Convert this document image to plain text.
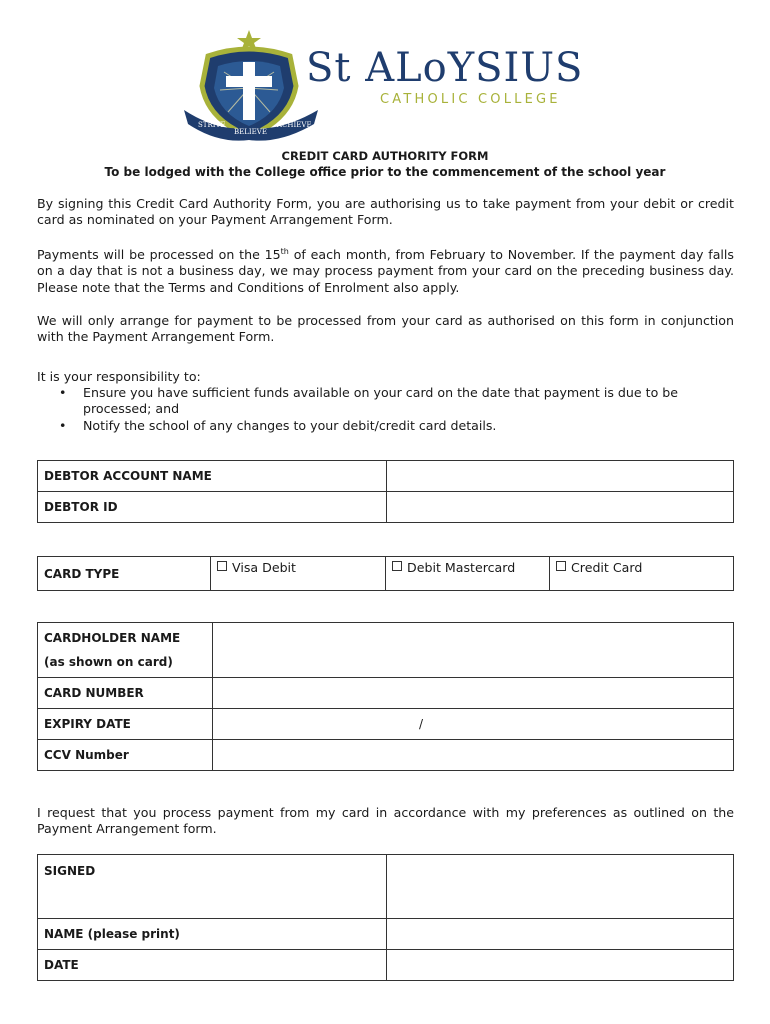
STRIVE
BELIEVE
ACHIEVE
St ALoYSIUS
CATHOLIC COLLEGE
CREDIT CARD AUTHORITY FORM
To be lodged with the College office prior to the commencement of the school year
By signing this Credit Card Authority Form, you are authorising us to take payment from your debit or credit card as nominated on your Payment Arrangement Form.
Payments will be processed on the 15th of each month, from February to November. If the payment day falls on a day that is not a business day, we may process payment from your card on the preceding business day. Please note that the Terms and Conditions of Enrolment also apply.
We will only arrange for payment to be processed from your card as authorised on this form in conjunction with the Payment Arrangement Form.
It is your responsibility to:
• Ensure you have sufficient funds available on your card on the date that payment is due to be processed; and
• Notify the school of any changes to your debit/credit card details.
DEBTOR ACCOUNT NAME	
DEBTOR ID	
CARD TYPE	Visa Debit	Debit Mastercard	Credit Card
CARDHOLDER NAME
(as shown on card)	

CARD NUMBER	
EXPIRY DATE	/
CCV Number	
I request that you process payment from my card in accordance with my preferences as outlined on the Payment Arrangement form.
SIGNED	
NAME (please print)	
DATE	
